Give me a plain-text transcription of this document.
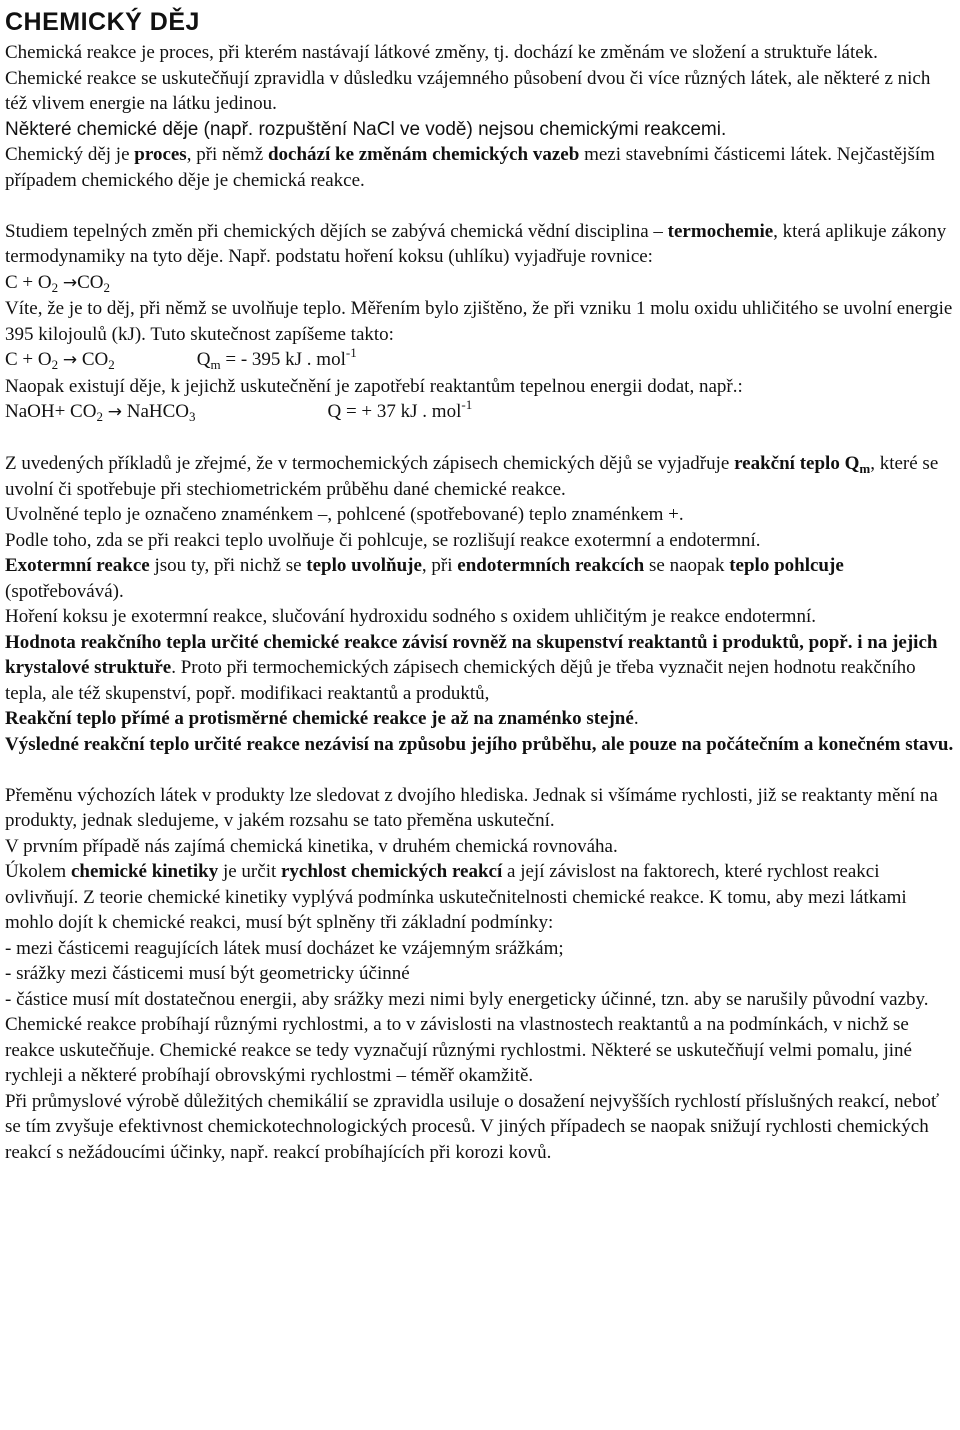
CHEMICKÝ DĚJ

Chemická reakce je proces, při kterém nastávají látkové změny, tj. dochází ke změnám ve složení a struktuře látek. Chemické reakce se uskutečňují zpravidla v důsledku vzájemného působení dvou či více různých látek, ale některé z nich též vlivem energie na látku jedinou.

Některé chemické děje (např. rozpuštění NaCl ve vodě) nejsou chemickými reakcemi.

Chemický děj je proces, při němž dochází ke změnám chemických vazeb mezi stavebními částicemi látek. Nejčastějším případem chemického děje je chemická reakce.

Studiem tepelných změn při chemických dějích se zabývá chemická vědní disciplina – termochemie, která aplikuje zákony termodynamiky na tyto děje. Např. podstatu hoření koksu (uhlíku) vyjadřuje rovnice:

$C + O_2 \to CO_2$

Víte, že je to děj, při němž se uvolňuje teplo. Měřením bylo zjištěno, že při vzniku 1 molu oxidu uhličitého se uvolní energie 395 kilojoulů (kJ). Tuto skutečnost zapíšeme takto:

$C + O_2 \to CO_2$	$Q_m$ = - 395 kJ . mol$^{-1}$

Naopak existují děje, k jejichž uskutečnění je zapotřebí reaktantům tepelnou energii dodat, např.:

NaOH+ $CO_2$ → NaHCO$_3$	Q = + 37 kJ . mol$^{-1}$

Z uvedených příkladů je zřejmé, že v termochemických zápisech chemických dějů se vyjadřuje reakční teplo $Q_m$, které se uvolní či spotřebuje při stechiometrickém průběhu dané chemické reakce.

Uvolněné teplo je označeno znaménkem –, pohlcené (spotřebované) teplo znaménkem +.

Podle toho, zda se při reakci teplo uvolňuje či pohlcuje, se rozlišují reakce exotermní a endotermní.

Exotermní reakce jsou ty, při nichž se teplo uvolňuje, při endotermních reakcích se naopak teplo pohlcuje (spotřebovává).

Hoření koksu je exotermní reakce, slučování hydroxidu sodného s oxidem uhličitým je reakce endotermní.

Hodnota reakčního tepla určité chemické reakce závisí rovněž na skupenství reaktantů i produktů, popř. i na jejich krystalové struktuře. Proto při termochemických zápisech chemických dějů je třeba vyznačit nejen hodnotu reakčního tepla, ale též skupenství, popř. modifikaci reaktantů a produktů,

Reakční teplo přímé a protisměrné chemické reakce je až na znaménko stejné.

Výsledné reakční teplo určité reakce nezávisí na způsobu jejího průběhu, ale pouze na počátečním a konečném stavu.

Přeměnu výchozích látek v produkty lze sledovat z dvojího hlediska. Jednak si všímáme rychlosti, již se reaktanty mění na produkty, jednak sledujeme, v jakém rozsahu se tato přeměna uskuteční.

V prvním případě nás zajímá chemická kinetika, v druhém chemická rovnováha.

Úkolem chemické kinetiky je určit rychlost chemických reakcí a její závislost na faktorech, které rychlost reakci ovlivňují. Z teorie chemické kinetiky vyplývá podmínka uskutečnitelnosti chemické reakce. K tomu, aby mezi látkami mohlo dojít k chemické reakci, musí být splněny tři základní podmínky:

- mezi částicemi reagujících látek musí docházet ke vzájemným srážkám;

- srážky mezi částicemi musí být geometricky účinné

- částice musí mít dostatečnou energii, aby srážky mezi nimi byly energeticky účinné, tzn. aby se narušily původní vazby.

Chemické reakce probíhají různými rychlostmi, a to v závislosti na vlastnostech reaktantů a na podmínkách, v nichž se reakce uskutečňuje. Chemické reakce se tedy vyznačují různými rychlostmi. Některé se uskutečňují velmi pomalu, jiné rychleji a některé probíhají obrovskými rychlostmi – téměř okamžitě.

Při průmyslové výrobě důležitých chemikálií se zpravidla usiluje o dosažení nejvyšších rychlostí příslušných reakcí, neboť se tím zvyšuje efektivnost chemickotechnologických procesů. V jiných případech se naopak snižují rychlosti chemických reakcí s nežádoucími účinky, např. reakcí probíhajících při korozi kovů.
